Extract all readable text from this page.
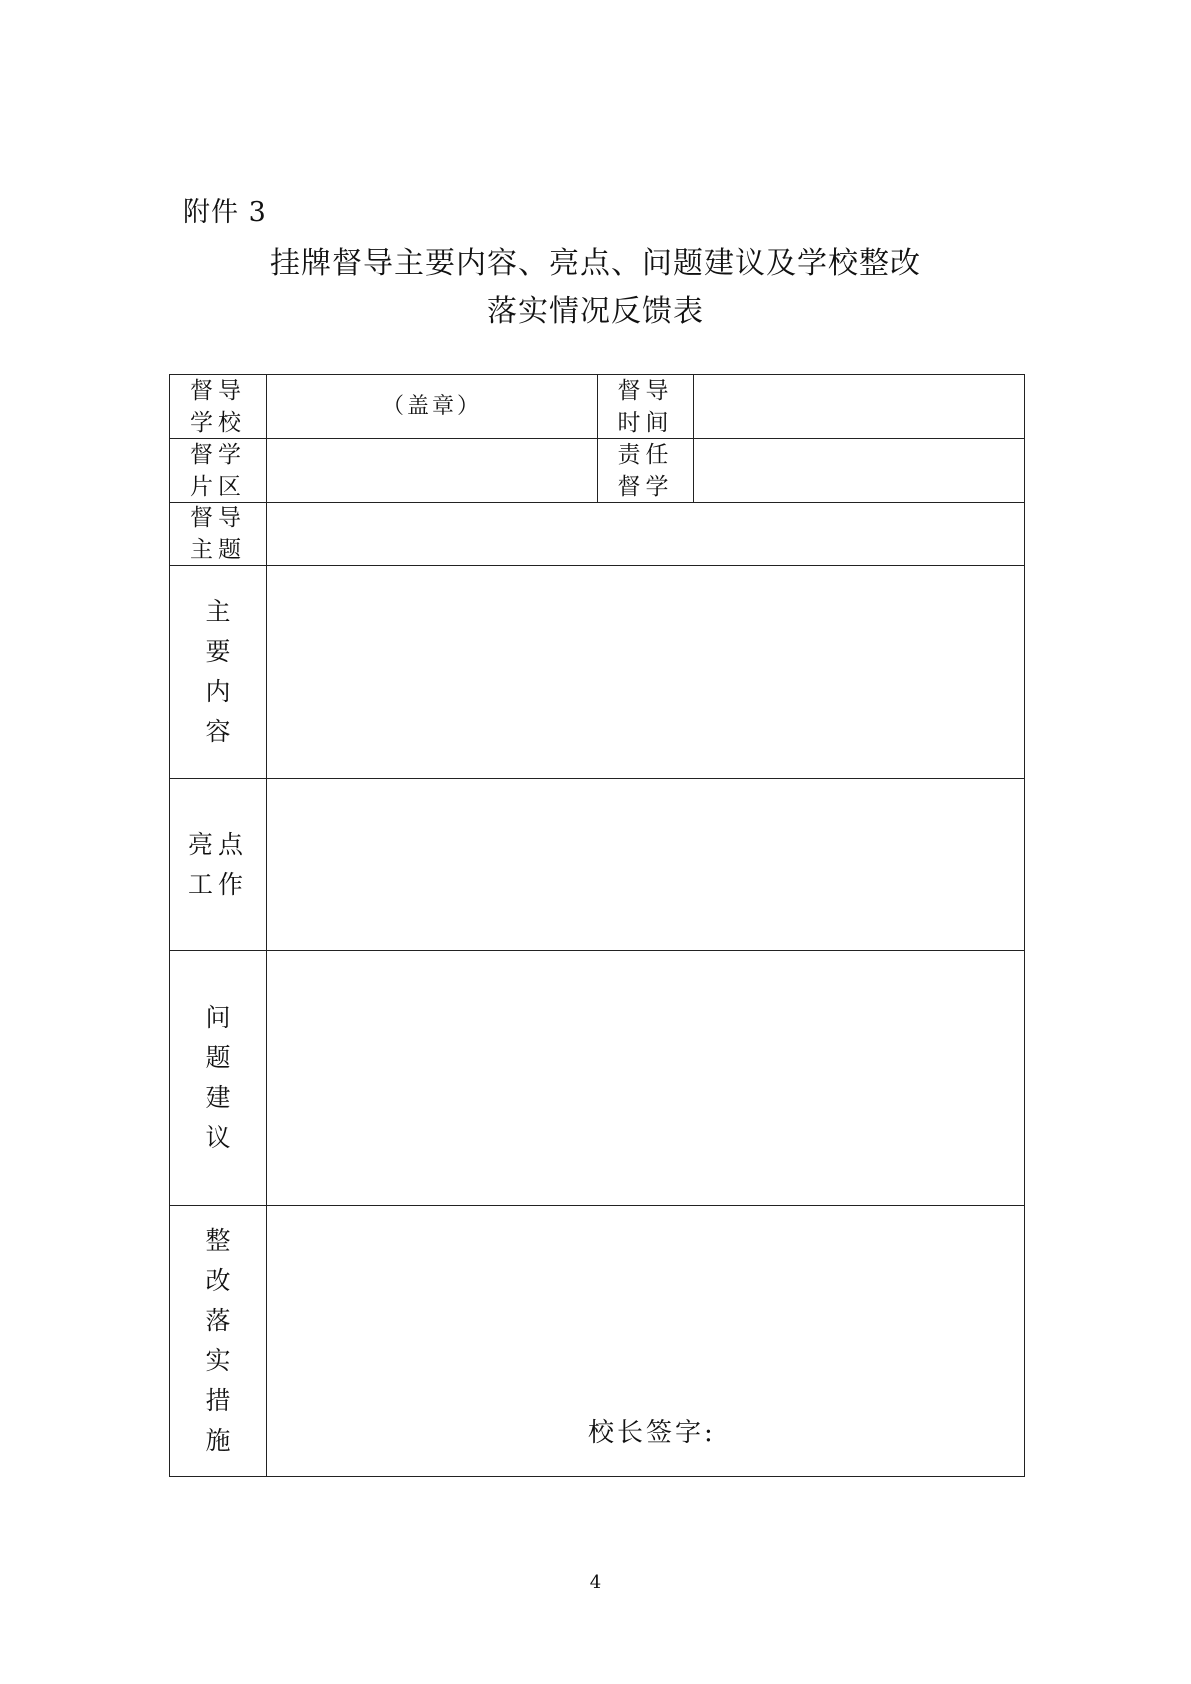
附件 3
挂牌督导主要内容、亮点、问题建议及学校整改
落实情况反馈表
督导
学校
（盖章）
督导
时间
督学
片区
责任
督学
督导
主题
主
要
内
容
亮点
工作
问
题
建
议
整
改
落
实
措
施	校长签字:
4
